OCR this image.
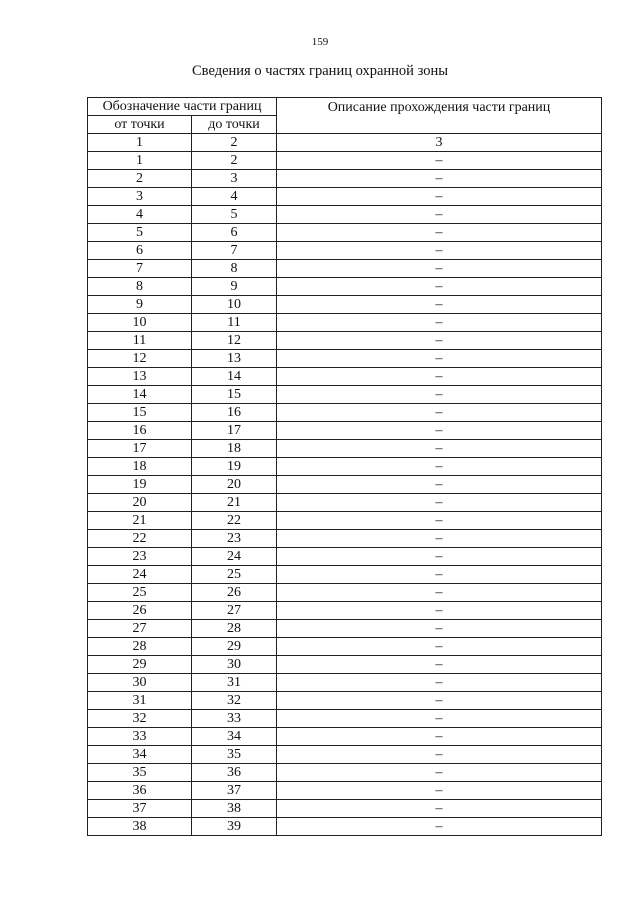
159
Сведения о частях границ охранной зоны
Обозначение части границ		Описание прохождения части границ
от точки	до точки	
1	2	3
1	2	–
2	3	–
3	4	–
4	5	–
5	6	–
6	7	–
7	8	–
8	9	–
9	10	–
10	11	–
11	12	–
12	13	–
13	14	–
14	15	–
15	16	–
16	17	–
17	18	–
18	19	–
19	20	–
20	21	–
21	22	–
22	23	–
23	24	–
24	25	–
25	26	–
26	27	–
27	28	–
28	29	–
29	30	–
30	31	–
31	32	–
32	33	–
33	34	–
34	35	–
35	36	–
36	37	–
37	38	–
38	39	–
